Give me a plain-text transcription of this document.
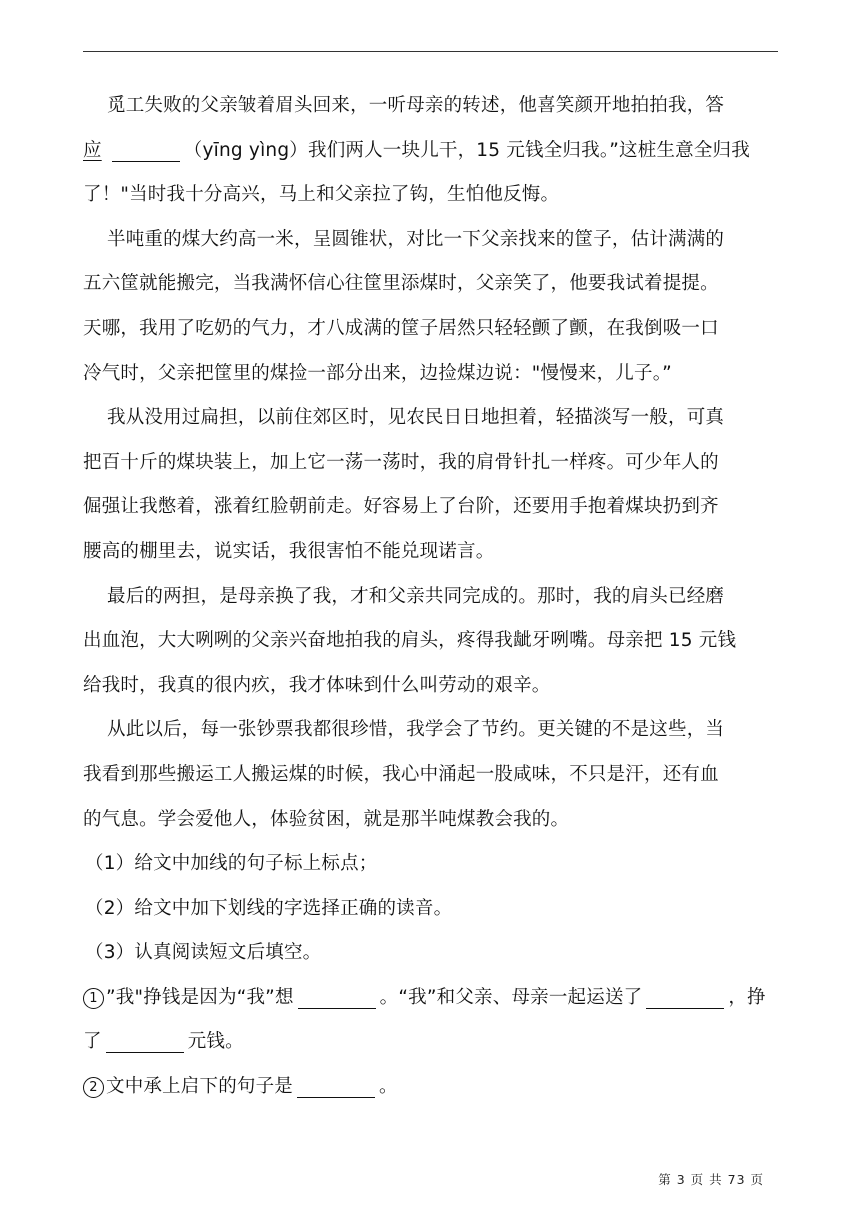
觅工失败的父亲皱着眉头回来，一听母亲的转述，他喜笑颜开地拍拍我，答
应	（yīng yìng）我们两人一块儿干，15 元钱全归我。”这桩生意全归我
了！"当时我十分高兴，马上和父亲拉了钩，生怕他反悔。
半吨重的煤大约高一米，呈圆锥状，对比一下父亲找来的筐子，估计满满的
五六筐就能搬完，当我满怀信心往筐里添煤时，父亲笑了，他要我试着提提。
天哪，我用了吃奶的气力，才八成满的筐子居然只轻轻颤了颤，在我倒吸一口
冷气时，父亲把筐里的煤捡一部分出来，边捡煤边说："慢慢来，儿子。”
我从没用过扁担，以前住郊区时，见农民日日地担着，轻描淡写一般，可真
把百十斤的煤块装上，加上它一荡一荡时，我的肩骨针扎一样疼。可少年人的
倔强让我憋着，涨着红脸朝前走。好容易上了台阶，还要用手抱着煤块扔到齐
腰高的棚里去，说实话，我很害怕不能兑现诺言。
最后的两担，是母亲换了我，才和父亲共同完成的。那时，我的肩头已经磨
出血泡，大大咧咧的父亲兴奋地拍我的肩头，疼得我龇牙咧嘴。母亲把 15 元钱
给我时，我真的很内疚，我才体味到什么叫劳动的艰辛。
从此以后，每一张钞票我都很珍惜，我学会了节约。更关键的不是这些，当
我看到那些搬运工人搬运煤的时候，我心中涌起一股咸味，不只是汗，还有血
的气息。学会爱他人，体验贫困，就是那半吨煤教会我的。
（1）给文中加线的句子标上标点；
（2）给文中加下划线的字选择正确的读音。
（3）认真阅读短文后填空。
1 ”我"挣钱是因为“我”想	。“我”和父亲、母亲一起运送了	，挣
了	元钱。
2 文中承上启下的句子是	。
第 3 页 共 73 页
